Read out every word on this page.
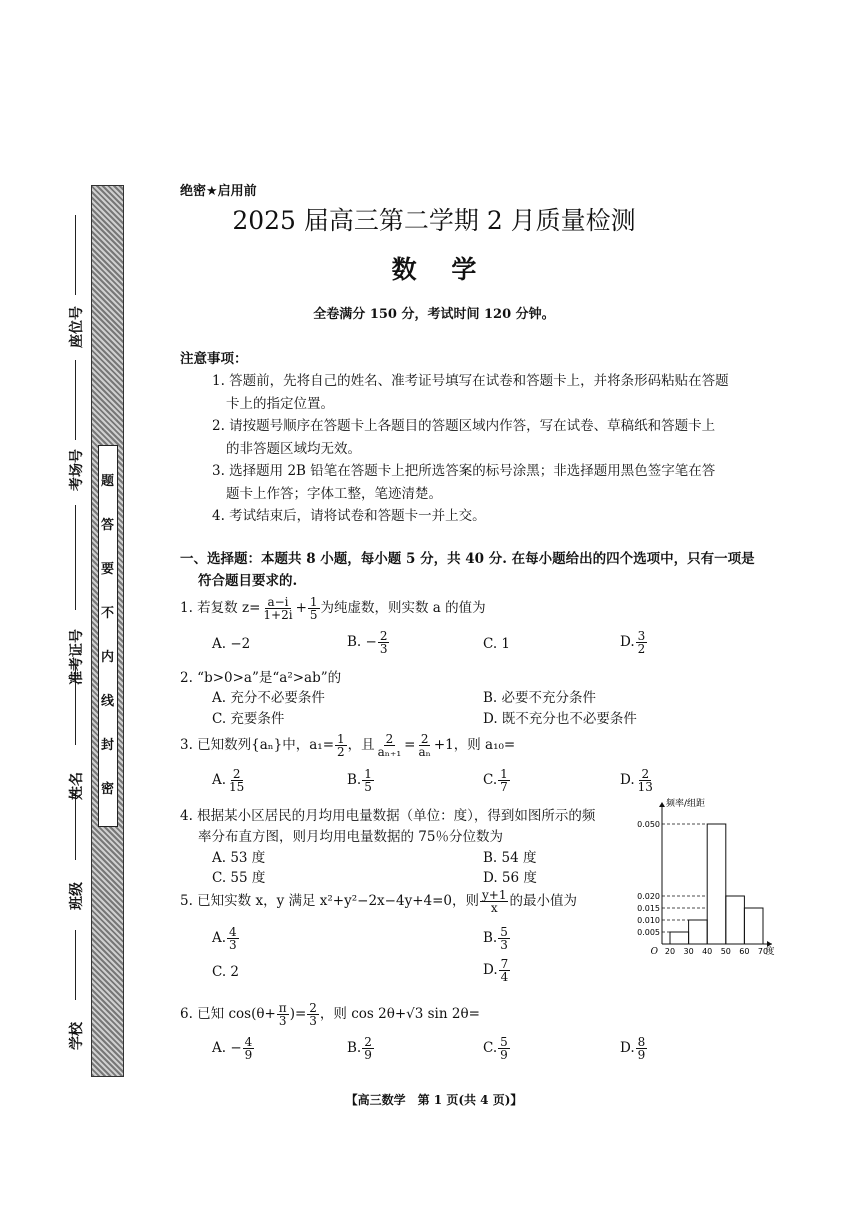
密
封
线
内
不
要
答
题
学校
班级
姓名
准考证号
考场号
座位号
绝密★启用前
2025 届高三第二学期 2 月质量检测
数    学
全卷满分 150 分，考试时间 120 分钟。
注意事项：
1. 答题前，先将自己的姓名、准考证号填写在试卷和答题卡上，并将条形码粘贴在答题
卡上的指定位置。
2. 请按题号顺序在答题卡上各题目的答题区域内作答，写在试卷、草稿纸和答题卡上
的非答题区域均无效。
3. 选择题用 2B 铅笔在答题卡上把所选答案的标号涂黑；非选择题用黑色签字笔在答
题卡上作答；字体工整，笔迹清楚。
4. 考试结束后，请将试卷和答题卡一并上交。
一、选择题：本题共 8 小题，每小题 5 分，共 40 分. 在每小题给出的四个选项中，只有一项是
符合题目要求的.
1. 若复数 $z= \frac{a-i}{1+2i} + \frac{1}{5}$ 为纯虚数，则实数 a 的值为
A. −2	B. − $\frac{2}{3}$	C. 1	D. $\frac{3}{2}$
2. “b>0>a”是“a²>ab”的
A. 充分不必要条件	B. 必要不充分条件
C. 充要条件	D. 既不充分也不必要条件
3. 已知数列{aₙ}中，$a_1= \frac{1}{2}$ ，且 $\frac{2}{\text{aₙ₊₁}} = \frac{2}{\text{aₙ}} +1$，则 a₁₀=
A. $\frac{2}{15}$	B. $\frac{1}{5}$	C. $\frac{1}{7}$	D. $\frac{2}{13}$
4. 根据某小区居民的月均用电量数据（单位：度），得到如图所示的频
率分布直方图，则月均用电量数据的 75％分位数为
A. 53 度	B. 54 度
C. 55 度	D. 56 度
0.005
0.010
0.015
0.020
0.050
20 30 40 50 60 70
O	度
频率/组距
5. 已知实数 x，y 满足 x²+y²−2x−4y+4=0，则 $\frac{y+1}{x}$ 的最小值为
A. $\frac{4}{3}$	B. $\frac{5}{3}$
C. 2	D. $\frac{7}{4}$
6. 已知 $\cos(\theta+ \frac{\pi}{3}$ )= $\frac{2}{3}$ ，则 cos 2θ+√3 sin 2θ=
A. − $\frac{4}{9}$	B. $\frac{2}{9}$	C. $\frac{5}{9}$	D. $\frac{8}{9}$
【高三数学　第 1 页(共 4 页)】
